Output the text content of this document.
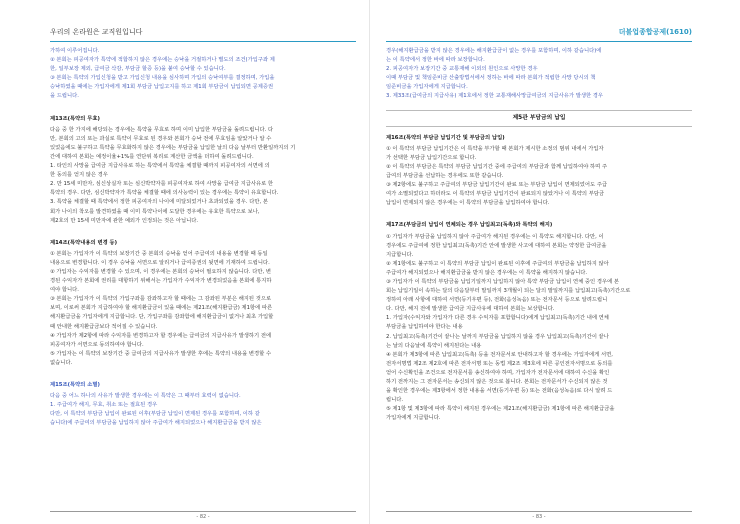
우리의 온라원은 교직원입니다
가하여 이루어집니다.
② 본회는 피공여자가 특약에 적합하지 않은 경우에는 승낙을 거절하거나 별도의 조건(가입구좌 제
한, 일부보장 제외, 급여금 삭감, 부담금 할증 등)을 붙여 승낙할 수 있습니다.
③ 본회는 특약의 가입신청을 받고 가입신청 내용을 심사하며 가입의 승낙여부를 결정하며, 가입을
승낙하였을 때에는 가입자에게 제1회 부담금 납입고지를 하고 제1회 부담금이 납입되면 공제증권
을 드립니다.

제13조(특약의 무효)

다음 중 한 가지에 해당되는 경우에는 특약을 무효로 하며 이미 납입한 부담금을 돌려드립니다. 다
만, 본회의 고의 또는 과실로 특약이 무효로 된 경우와 본회가 승낙 전에 무효임을 알았거나 알 수
있었음에도 불구하고 특약을 무효화하지 않은 경우에는 부담금을 납입한 날의 다음 날부터 반환일까지의 기
간에 대하여 본회는 예정이율+1%를 연단위 복리로 계산한 금액을 더하여 돌려드립니다.
1. 타인의 사망을 급여금 지급사유로 하는 특약에서 특약을 체결할 때까지 피공여자의 서면에 의
한 동의를 얻지 않은 경우
2. 만 15세 미만자, 심신상실자 또는 심신박약자를 피공여자로 하여 사망을 급여금 지급사유로 한
특약의 경우. 다만, 심신박약자가 특약을 체결할 때에 의사능력이 있는 경우에는 특약이 유효합니다.
3. 특약을 체결할 때 특약에서 정한 피공여자의 나이에 미달되었거나 초과되었을 경우. 다만, 본
회가 나이의 착오를 발견하였을 때 이미 특약나이에 도달한 경우에는 유효한 특약으로 보나,
제2호의 만 15세 미만자에 관한 예외가 인정되는 것은 아닙니다.

제14조(특약내용의 변경 등)

① 본회는 가입자가 이 특약의 보장기간 중 본회의 승낙을 얻어 주급여의 내용을 변경할 때 동일
내용으로 변경합니다. 이 경우 승낙을 서면으로 알리거나 급여증권의 뒷면에 기재하여 드립니다.
② 가입자는 수익자를 변경할 수 있으며, 이 경우에는 본회의 승낙이 필요하지 않습니다. 다만, 변
경된 수익자가 본회에 권리를 대항하기 위해서는 가입자가 수익자가 변경되었음을 본회에 통지하
여야 합니다.
③ 본회는 가입자가 이 특약의 가입구좌를 감좌하고자 할 때에는 그 감좌된 부분은 해지된 것으로
보며, 이로써 본회가 지급하여야 할 해지환급금이 있을 때에는 제21조(해지환급금) 제1항에 따른
해지환급금을 가입자에게 지급합니다. 단, 가입구좌를 감좌함에 해지환급금이 없거나 최초 가입할
때 안내한 해지환급금보다 적어질 수 있습니다.
④ 가입자가 제2항에 따라 수익자를 변경하고자 할 경우에는 급여금의 지급사유가 발생하기 전에
피공여자가 서면으로 동의하여야 합니다.
⑤ 가입자는 이 특약의 보장기간 중 급여금의 지급사유가 발생한 후에는 특약의 내용을 변경할 수
없습니다.

제15조(특약의 소멸)

다음 중 어느 하나의 사유가 발생한 경우에는 이 특약은 그 때부터 효력이 없습니다.
1. 주급여가 해지, 무효, 취소 또는 절효된 경우
다만, 이 특약의 부담금 납입이 완료된 이후(부담금 납입이 면제된 경우를 포함하며, 이하 같
습니다)에 주급여의 부담금을 납입하지 않아 주급여가 해지되었으나 해지환급금을 받지 않은
- 82 -
더불업종합공제(1610)
경우(해지환급금을 받지 않은 경우에는 해지환급금이 없는 경우를 포함하며, 이하 같습니다)에
는 이 특약에서 정한 바에 따라 보장합니다.
2. 피공여자가 보장기간 중 교통재해 이외의 원인으로 사망한 경우
이때 부담금 및 책임준비금 산출방법서에서 정하는 바에 따라 본회가 적립한 사망 당시의 책
임준비금을 가입자에게 지급합니다.
3. 제33조(급여금의 지급사유) 제1호에서 정한 교통재해사망급여금의 지급사유가 발생한 경우
제5관 부담금의 납입

제16조(특약의 부담금 납입기간 및 부담금의 납입)

① 이 특약의 부담금 납입기간은 이 특약을 부가할 때 본회가 제시한 소정의 범위 내에서 가입자
가 선택한 부담금 납입기간으로 합니다.
② 이 특약의 부담금은 특약의 부담금 납입기간 중에 주급여의 부담금과 함께 납입하여야 하며 주
급여의 부담금을 선납하는 경우에도 또한 같습니다.
③ 제2항에도 불구하고 주급여의 부담금 납입기간이 완료 또는 부담금 납입이 면제되었어도 주급
여가 소멸되었다고 하더라도 이 특약의 부담금 납입기간이 완료되지 않았거나 이 특약의 부담금
납입이 면제되지 않은 경우에는 이 특약의 부담금을 납입하여야 합니다.

제17조(부담금의 납입이 연체되는 경우 납입최고(독촉)와 특약의 해지)

① 가입자가 부담금을 납입하지 않아 주급여가 해지된 경우에는 이 특약도 해지합니다. 다만, 이
경우에도 주급여에 정한 납입최고(독촉)기간 안에 발생한 사고에 대하여 본회는 약정한 급여금을
지급합니다.
② 제1항에도 불구하고 이 특약의 부담금 납입이 완료된 이후에 주급여의 부담금을 납입하지 않아
주급여가 해지되었으나 해지환급금을 받지 않은 경우에는 이 특약을 해지하지 않습니다.
③ 가입자가 이 특약의 부담금을 납입기일까지 납입하지 않아 특약 부담금 납입이 연체 중인 경우에 본
회는 납입기일이 속하는 달의 다음달부터 말일까지 3개월이 되는 달의 말일까지를 납입최고(독촉)기간으로
정하여 아래 사항에 대하여 서면(등기우편 등), 전화(음성녹음) 또는 전자문서 등으로 알려드립니
다. 다만, 해지 전에 발생한 급여금 지급사유에 대하여 본회는 보상합니다.
1. 가입자(수익자와 가입자가 다른 경우 수익자를 포함합니다)에게 납입최고(독촉)기간 내에 연체
부담금을 납입하여야 한다는 내용
2. 납입최고(독촉)기간이 끝나는 날까지 부담금을 납입하지 않을 경우 납입최고(독촉)기간이 끝나
는 날의 다음날에 특약이 해지된다는 내용
④ 본회가 제3항에 따른 납입최고(독촉) 등을 전자문서로 안내하고자 할 경우에는 가입자에게 서면,
전자서명법 제2조 제2호에 따른 전자서명 또는 동법 제2조 제3호에 따른 공인전자서명으로 동의를
얻어 수신확인을 조건으로 전자문서를 송신하여야 하며, 가입자가 전자문서에 대하여 수신을 확인
하기 전까지는 그 전자문서는 송신되지 않은 것으로 봅니다. 본회는 전자문서가 수신되지 않은 것
을 확인한 경우에는 제3항에서 정한 내용을 서면(등기우편 등) 또는 전화(음성녹음)로 다시 알려 드
립니다.
⑤ 제1항 및 제3항에 따라 특약이 해지된 경우에는 제21조(해지환급금) 제1항에 따른 해지환급금을
가입자에게 지급합니다.
- 83 -
